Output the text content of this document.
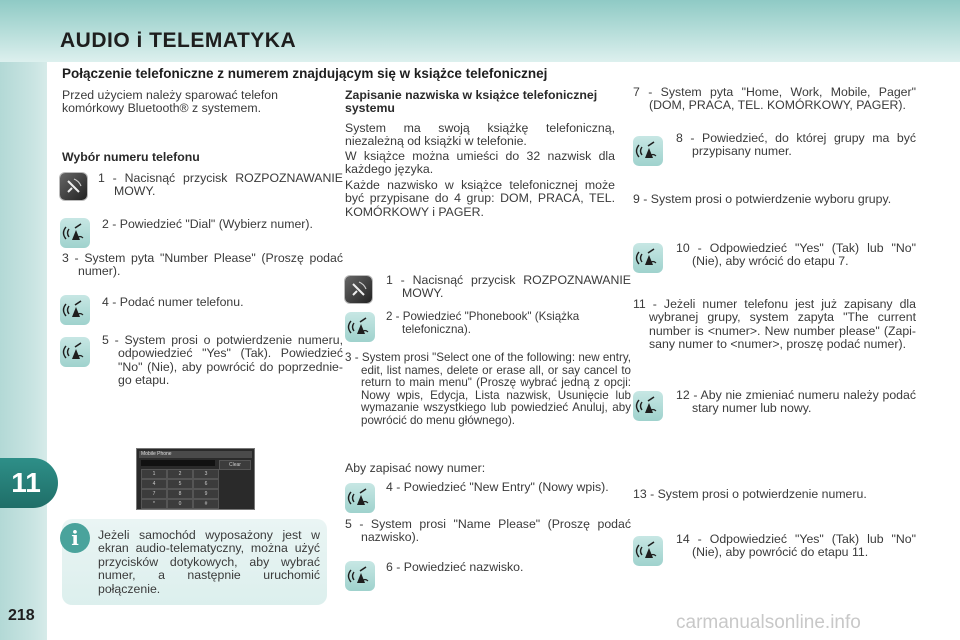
AUDIO i TELEMATYKA
11
218
Połączenie telefoniczne z numerem znajdującym się w książce telefonicznej
Przed użyciem należy sparować telefon komórkowy Bluetooth® z systemem.
Wybór numeru telefonu
1 - Nacisnąć przycisk ROZPOZNAWANIE MOWY.
2 - Powiedzieć "Dial" (Wybierz numer).
3 - System pyta "Number Please" (Proszę podać numer).
4 - Podać numer telefonu.
5 - System prosi o potwierdzenie numeru, odpowiedzieć "Yes" (Tak). Powiedzieć "No" (Nie), aby powrócić do poprzedniego etapu.
Mobile Phone
Clear
1	2	3
4	5	6
7	8	9
*	0	#
i	Jeżeli samochód wyposażony jest w ekran audio-telematyczny, można użyć przycisków dotykowych, aby wybrać numer, a następnie uruchomić połączenie.
Zapisanie nazwiska w książce telefonicznej systemu
System ma swoją książkę telefoniczną, niezależną od książki w telefonie.
W książce można umieści do 32 nazwisk dla każdego języka.
Każde nazwisko w książce telefonicznej może być przypisane do 4 grup: DOM, PRACA, TEL. KOMÓRKOWY i PAGER.
1 - Nacisnąć przycisk ROZPOZNAWANIE MOWY.
2 - Powiedzieć "Phonebook" (Książka telefoniczna).
3 - System prosi "Select one of the following: new entry, edit, list names, delete or erase all, or say cancel to return to main menu" (Proszę wybrać jedną z opcji: Nowy wpis, Edycja, Lista nazwisk, Usunięcie lub wymazanie wszystkiego lub powiedzieć Anuluj, aby powrócić do menu głównego).
Aby zapisać nowy numer:
4 - Powiedzieć "New Entry" (Nowy wpis).
5 - System prosi "Name Please" (Proszę podać nazwisko).
6 - Powiedzieć nazwisko.
7 - System pyta "Home, Work, Mobile, Pager" (DOM, PRACA, TEL. KOMÓRKOWY, PAGER).
8 - Powiedzieć, do której grupy ma być przypisany numer.
9 - System prosi o potwierdzenie wyboru grupy.
10 - Odpowiedzieć "Yes" (Tak) lub "No" (Nie), aby wrócić do etapu 7.
11 - Jeżeli numer telefonu jest już zapisany dla wybranej grupy, system zapyta "The current number is <numer>. New number please" (Zapisany numer to <numer>, proszę podać numer).
12 - Aby nie zmieniać numeru należy podać stary numer lub nowy.
13 - System prosi o potwierdzenie numeru.
14 - Odpowiedzieć "Yes" (Tak) lub "No" (Nie), aby powrócić do etapu 11.
carmanualsonline.info
